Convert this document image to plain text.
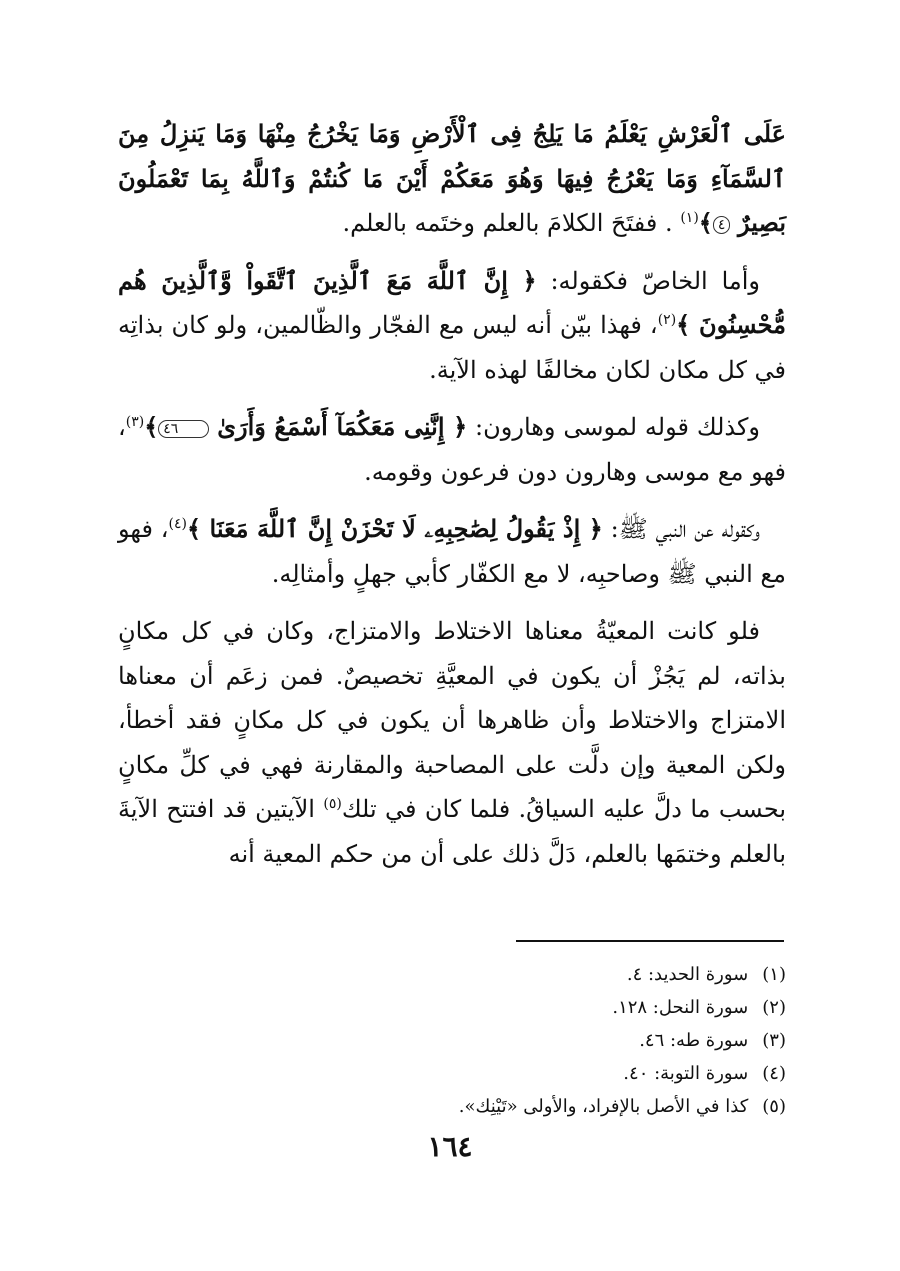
عَلَى ٱلْعَرْشِ يَعْلَمُ مَا يَلِجُ فِى ٱلْأَرْضِ وَمَا يَخْرُجُ مِنْهَا وَمَا يَنزِلُ مِنَ ٱلسَّمَآءِ وَمَا يَعْرُجُ فِيهَا وَهُوَ مَعَكُمْ أَيْنَ مَا كُنتُمْ وَٱللَّهُ بِمَا تَعْمَلُونَ بَصِيرٌ ٤﴾$^{(١)}$ . ففتَحَ الكلامَ بالعلم وختَمه بالعلم.

وأما الخاصّ فكقوله: ﴿ إِنَّ ٱللَّهَ مَعَ ٱلَّذِينَ ٱتَّقَواْ وَّٱلَّذِينَ هُم مُّحْسِنُونَ ﴾$^{(٢)}$، فهذا بيّن أنه ليس مع الفجّار والظّالمين، ولو كان بذاتِه في كل مكان لكان مخالفًا لهذه الآية.

وكذلك قوله لموسى وهارون: ﴿ إِنَّنِى مَعَكُمَآ أَسْمَعُ وَأَرَىٰ ٤٦﴾$^{(٣)}$، فهو مع موسى وهارون دون فرعون وقومه.

وكقوله عن النبي ﷺ: ﴿ إِذْ يَقُولُ لِصَٰحِبِهِۦ لَا تَحْزَنْ إِنَّ ٱللَّهَ مَعَنَا ﴾$^{(٤)}$، فهو مع النبي ﷺ وصاحبِه، لا مع الكفّار كأبي جهلٍ وأمثالِه.

فلو كانت المعيّةُ معناها الاختلاط والامتزاج، وكان في كل مكانٍ بذاته، لم يَجُزْ أن يكون في المعيَّةِ تخصيصٌ. فمن زعَم أن معناها الامتزاج والاختلاط وأن ظاهرها أن يكون في كل مكانٍ فقد أخطأ، ولكن المعية وإن دلَّت على المصاحبة والمقارنة فهي في كلِّ مكانٍ بحسب ما دلَّ عليه السياقُ. فلما كان في تلك$^{(٥)}$ الآيتين قد افتتح الآيةَ بالعلم وختمَها بالعلم، دَلَّ ذلك على أن من حكم المعية أنه

(١)سورة الحديد: ٤.
(٢)سورة النحل: ١٢٨.
(٣)سورة طه: ٤٦.
(٤)سورة التوبة: ٤٠.
(٥)كذا في الأصل بالإفراد، والأولى «تَيْنِك».
١٦٤
